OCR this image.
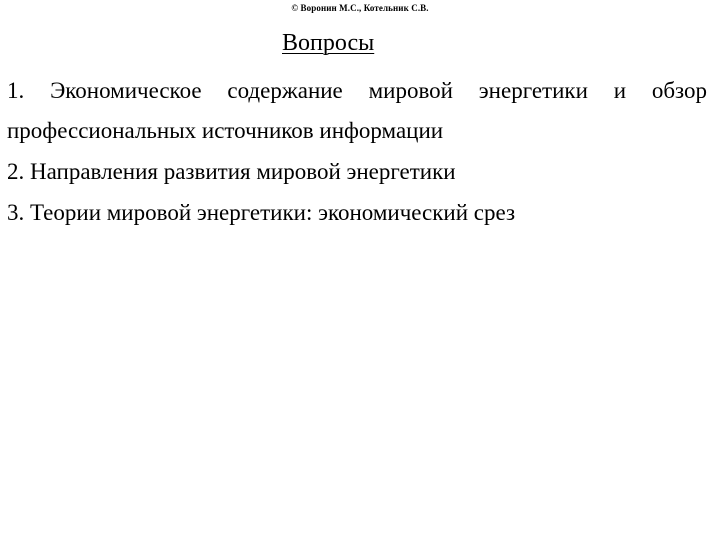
© Воронин М.С., Котельник С.В.
Вопросы
1. Экономическое содержание мировой энергетики и обзор профессиональных источников информации
2. Направления развития мировой энергетики
3. Теории мировой энергетики: экономический срез
